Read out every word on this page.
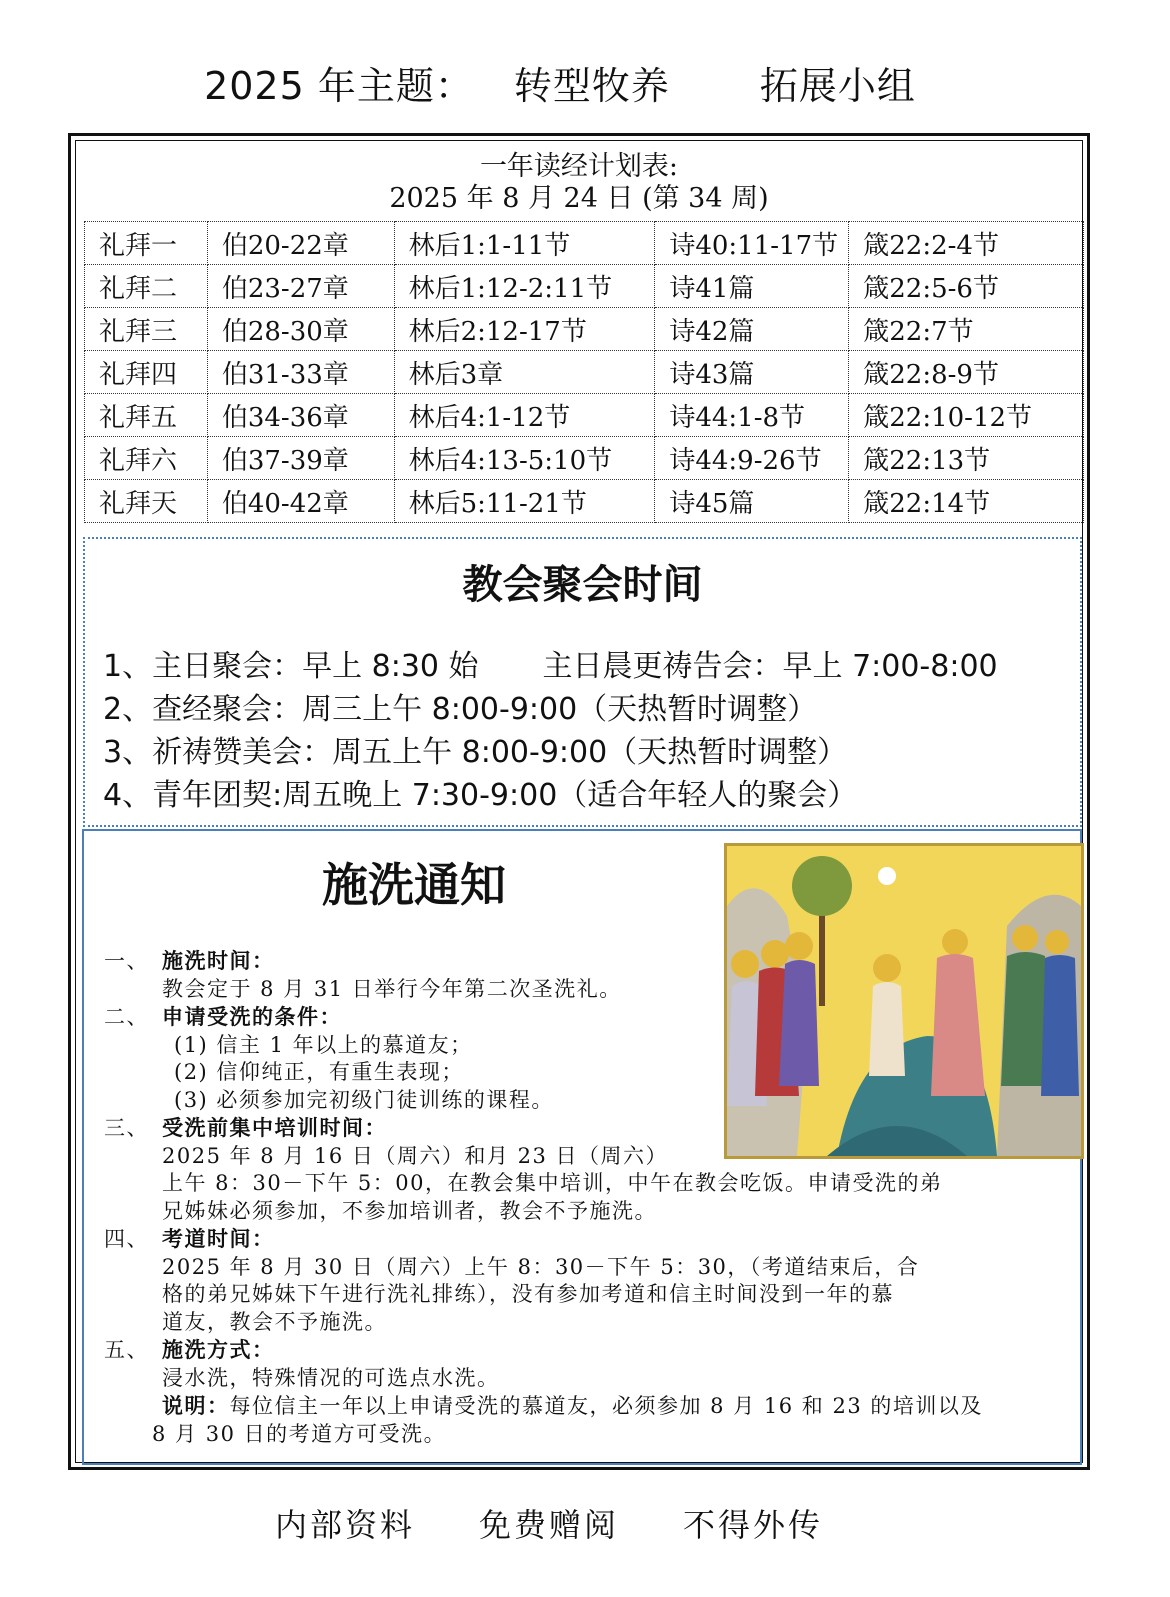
2025 年主题： 转型牧养 拓展小组
一年读经计划表:
2025 年 8 月 24 日 (第 34 周)
礼拜一	伯20-22章	林后1:1-11节	诗40:11-17节	箴22:2-4节
礼拜二	伯23-27章	林后1:12-2:11节	诗41篇	箴22:5-6节
礼拜三	伯28-30章	林后2:12-17节	诗42篇	箴22:7节
礼拜四	伯31-33章	林后3章	诗43篇	箴22:8-9节
礼拜五	伯34-36章	林后4:1-12节	诗44:1-8节	箴22:10-12节
礼拜六	伯37-39章	林后4:13-5:10节	诗44:9-26节	箴22:13节
礼拜天	伯40-42章	林后5:11-21节	诗45篇	箴22:14节
教会聚会时间
1、主日聚会：早上 8:30 始 主日晨更祷告会：早上 7:00-8:00
2、查经聚会：周三上午 8:00-9:00（天热暂时调整）
3、祈祷赞美会：周五上午 8:00-9:00（天热暂时调整）
4、青年团契:周五晚上 7:30-9:00（适合年轻人的聚会）
施洗通知
一、 施洗时间：
教会定于 8 月 31 日举行今年第二次圣洗礼。
二、 申请受洗的条件：
(1) 信主 1 年以上的慕道友；
(2) 信仰纯正，有重生表现；
(3) 必须参加完初级门徒训练的课程。
三、 受洗前集中培训时间：
2025 年 8 月 16 日（周六）和月 23 日（周六）
上午 8：30－下午 5：00，在教会集中培训，中午在教会吃饭。申请受洗的弟
兄姊妹必须参加，不参加培训者，教会不予施洗。
四、 考道时间：
2025 年 8 月 30 日（周六）上午 8：30－下午 5：30，（考道结束后，合
格的弟兄姊妹下午进行洗礼排练），没有参加考道和信主时间没到一年的慕
道友，教会不予施洗。
五、 施洗方式：
浸水洗，特殊情况的可选点水洗。
说明：每位信主一年以上申请受洗的慕道友，必须参加 8 月 16 和 23 的培训以及
8 月 30 日的考道方可受洗。
内部资料 免费赠阅 不得外传
